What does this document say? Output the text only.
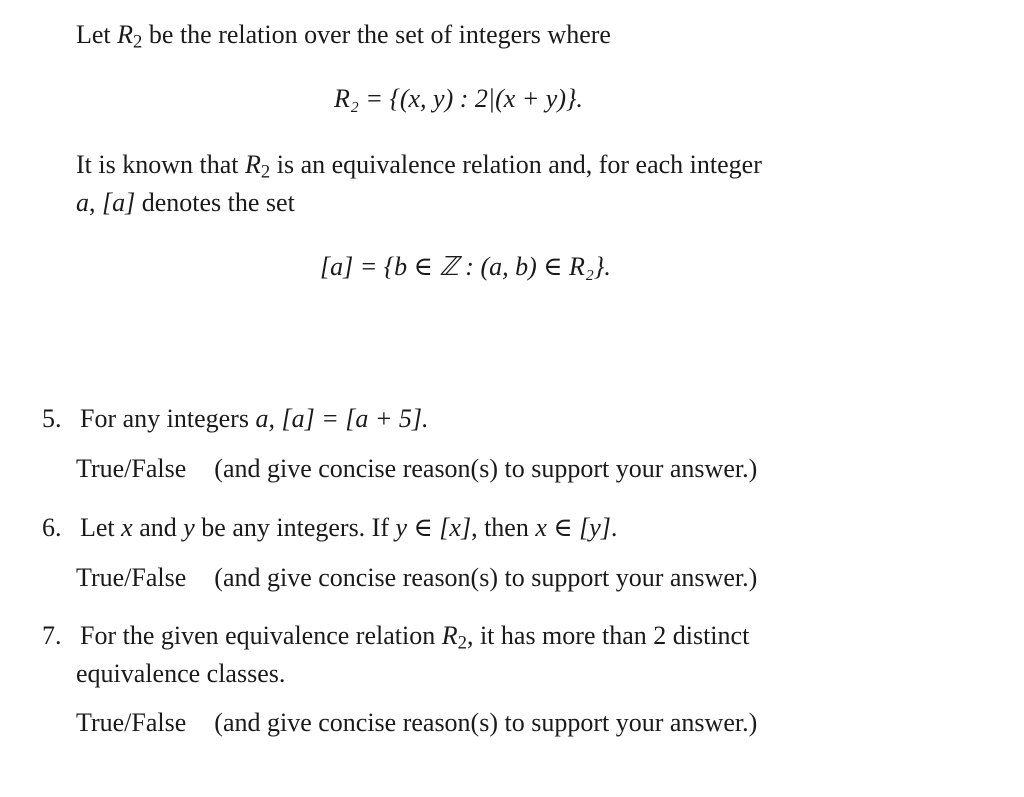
Let $R_2$ be the relation over the set of integers where
R₂ = {(x, y) : 2|(x + y)}.
It is known that $R_2$ is an equivalence relation and, for each integer
a, [a] denotes the set
[a] = {b ∈ ℤ : (a, b) ∈ R₂}.
5. For any integers a, [a] = [a + 5].
True/False (and give concise reason(s) to support your answer.)
6. Let x and y be any integers. If y ∈ [x], then x ∈ [y].
True/False (and give concise reason(s) to support your answer.)
7. For the given equivalence relation $R_2$, it has more than 2 distinct
equivalence classes.
True/False (and give concise reason(s) to support your answer.)
